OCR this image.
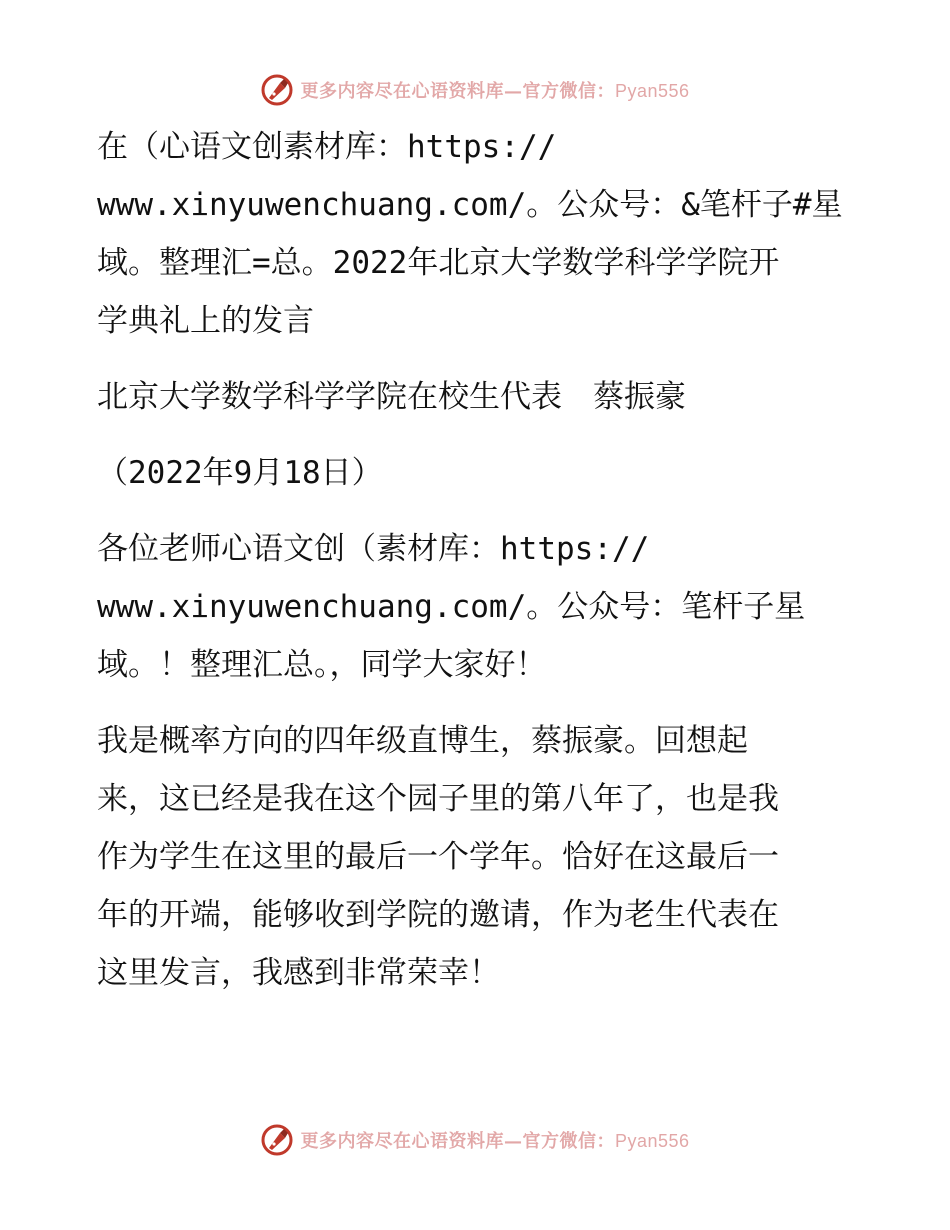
更多内容尽在心语资料库—官方微信：Pyan556
在（心语文创素材库：https://
www.xinyuwenchuang.com/。公众号：&笔杆子#星
域。整理汇=总。2022年北京大学数学科学学院开
学典礼上的发言
北京大学数学科学学院在校生代表　蔡振豪
（2022年9月18日）
各位老师心语文创（素材库：https://
www.xinyuwenchuang.com/。公众号：笔杆子星
域。！整理汇总。，同学大家好！
我是概率方向的四年级直博生，蔡振豪。回想起
来，这已经是我在这个园子里的第八年了，也是我
作为学生在这里的最后一个学年。恰好在这最后一
年的开端，能够收到学院的邀请，作为老生代表在
这里发言，我感到非常荣幸！
更多内容尽在心语资料库—官方微信：Pyan556
